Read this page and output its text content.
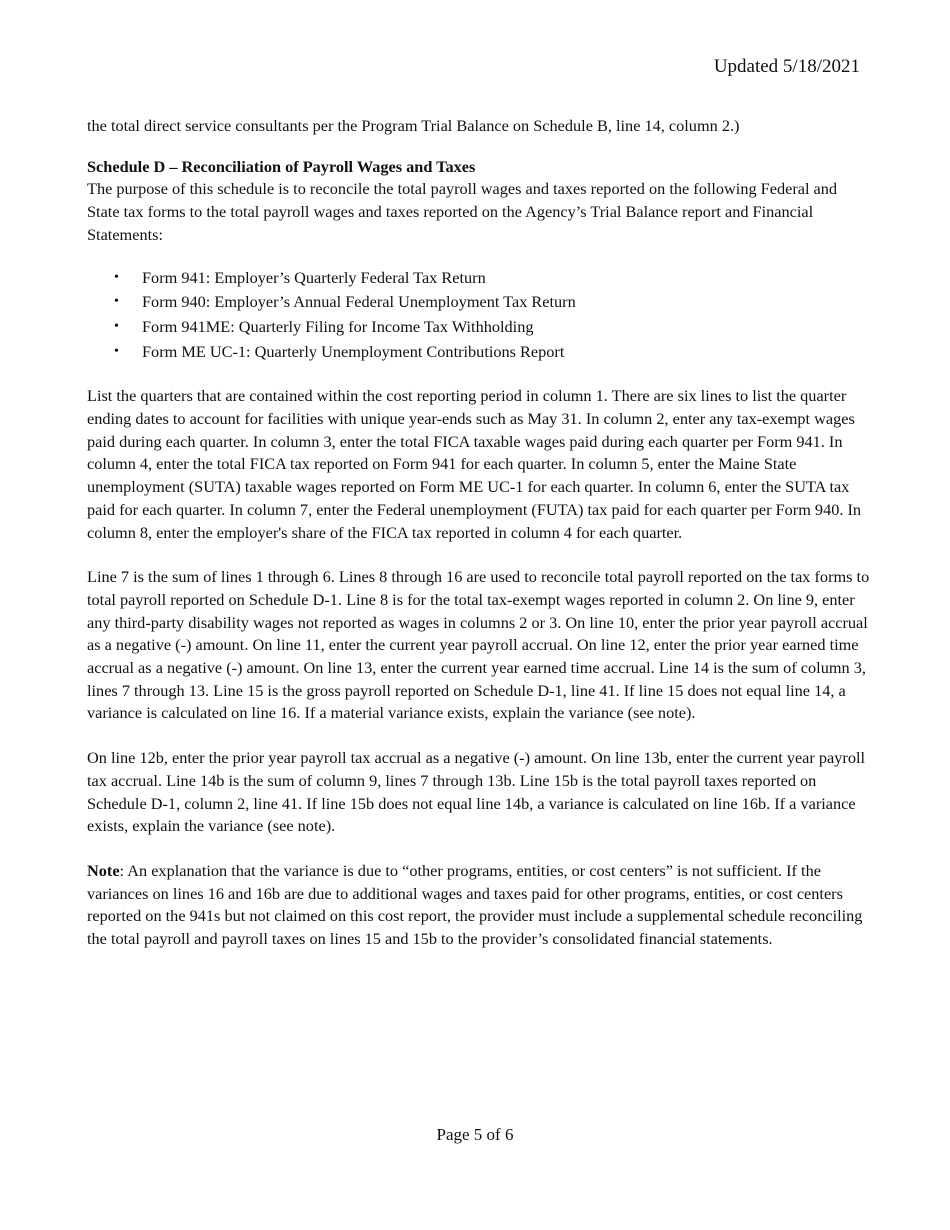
Updated 5/18/2021

the total direct service consultants per the Program Trial Balance on Schedule B, line 14, column 2.)

Schedule D – Reconciliation of Payroll Wages and Taxes

The purpose of this schedule is to reconcile the total payroll wages and taxes reported on the following Federal and State tax forms to the total payroll wages and taxes reported on the Agency’s Trial Balance report and Financial Statements:

• Form 941: Employer’s Quarterly Federal Tax Return
• Form 940: Employer’s Annual Federal Unemployment Tax Return
• Form 941ME: Quarterly Filing for Income Tax Withholding
• Form ME UC-1: Quarterly Unemployment Contributions Report

List the quarters that are contained within the cost reporting period in column 1. There are six lines to list the quarter ending dates to account for facilities with unique year-ends such as May 31. In column 2, enter any tax-exempt wages paid during each quarter. In column 3, enter the total FICA taxable wages paid during each quarter per Form 941. In column 4, enter the total FICA tax reported on Form 941 for each quarter. In column 5, enter the Maine State unemployment (SUTA) taxable wages reported on Form ME UC-1 for each quarter. In column 6, enter the SUTA tax paid for each quarter. In column 7, enter the Federal unemployment (FUTA) tax paid for each quarter per Form 940. In column 8, enter the employer's share of the FICA tax reported in column 4 for each quarter.

Line 7 is the sum of lines 1 through 6. Lines 8 through 16 are used to reconcile total payroll reported on the tax forms to total payroll reported on Schedule D-1. Line 8 is for the total tax-exempt wages reported in column 2. On line 9, enter any third-party disability wages not reported as wages in columns 2 or 3. On line 10, enter the prior year payroll accrual as a negative (-) amount. On line 11, enter the current year payroll accrual. On line 12, enter the prior year earned time accrual as a negative (-) amount. On line 13, enter the current year earned time accrual. Line 14 is the sum of column 3, lines 7 through 13. Line 15 is the gross payroll reported on Schedule D-1, line 41. If line 15 does not equal line 14, a variance is calculated on line 16. If a material variance exists, explain the variance (see note).

On line 12b, enter the prior year payroll tax accrual as a negative (-) amount. On line 13b, enter the current year payroll tax accrual. Line 14b is the sum of column 9, lines 7 through 13b. Line 15b is the total payroll taxes reported on Schedule D-1, column 2, line 41. If line 15b does not equal line 14b, a variance is calculated on line 16b. If a variance exists, explain the variance (see note).

Note: An explanation that the variance is due to “other programs, entities, or cost centers” is not sufficient. If the variances on lines 16 and 16b are due to additional wages and taxes paid for other programs, entities, or cost centers reported on the 941s but not claimed on this cost report, the provider must include a supplemental schedule reconciling the total payroll and payroll taxes on lines 15 and 15b to the provider’s consolidated financial statements.

Page 5 of 6
